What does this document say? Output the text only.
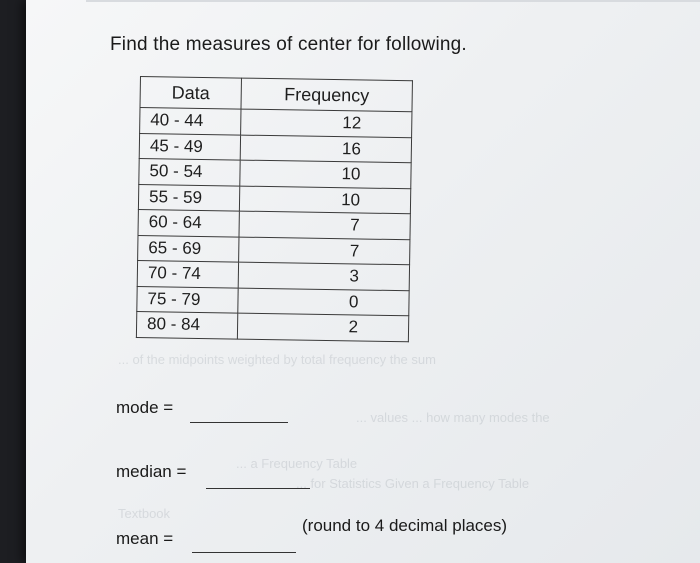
Find the measures of center for following.
Data	Frequency
40 - 44	12
45 - 49	16
50 - 54	10
55 - 59	10
60 - 64	7
65 - 69	7
70 - 74	3
75 - 79	0
80 - 84	2
... of the midpoints weighted by total frequency the sum
... values ... how many modes the
... a Frequency Table
... for Statistics Given a Frequency Table
Textbook
mode =
median =
mean =
(round to 4 decimal places)
